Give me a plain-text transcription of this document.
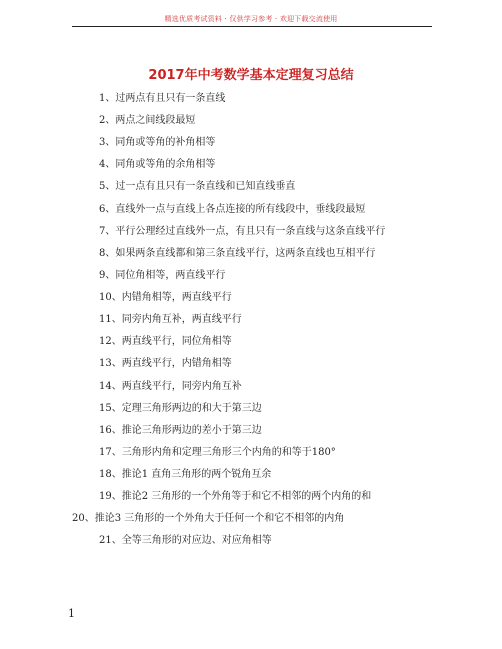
精选优质考试资料 · 仅供学习参考 · 欢迎下载交流使用
2017年中考数学基本定理复习总结
1、过两点有且只有一条直线
2、两点之间线段最短
3、同角或等角的补角相等
4、同角或等角的余角相等
5、过一点有且只有一条直线和已知直线垂直
6、直线外一点与直线上各点连接的所有线段中，垂线段最短
7、平行公理经过直线外一点，有且只有一条直线与这条直线平行
8、如果两条直线都和第三条直线平行，这两条直线也互相平行
9、同位角相等，两直线平行
10、内错角相等，两直线平行
11、同旁内角互补，两直线平行
12、两直线平行，同位角相等
13、两直线平行，内错角相等
14、两直线平行，同旁内角互补
15、定理三角形两边的和大于第三边
16、推论三角形两边的差小于第三边
17、三角形内角和定理三角形三个内角的和等于180°
18、推论1 直角三角形的两个锐角互余
19、推论2 三角形的一个外角等于和它不相邻的两个内角的和
20、推论3 三角形的一个外角大于任何一个和它不相邻的内角
21、全等三角形的对应边、对应角相等
1
